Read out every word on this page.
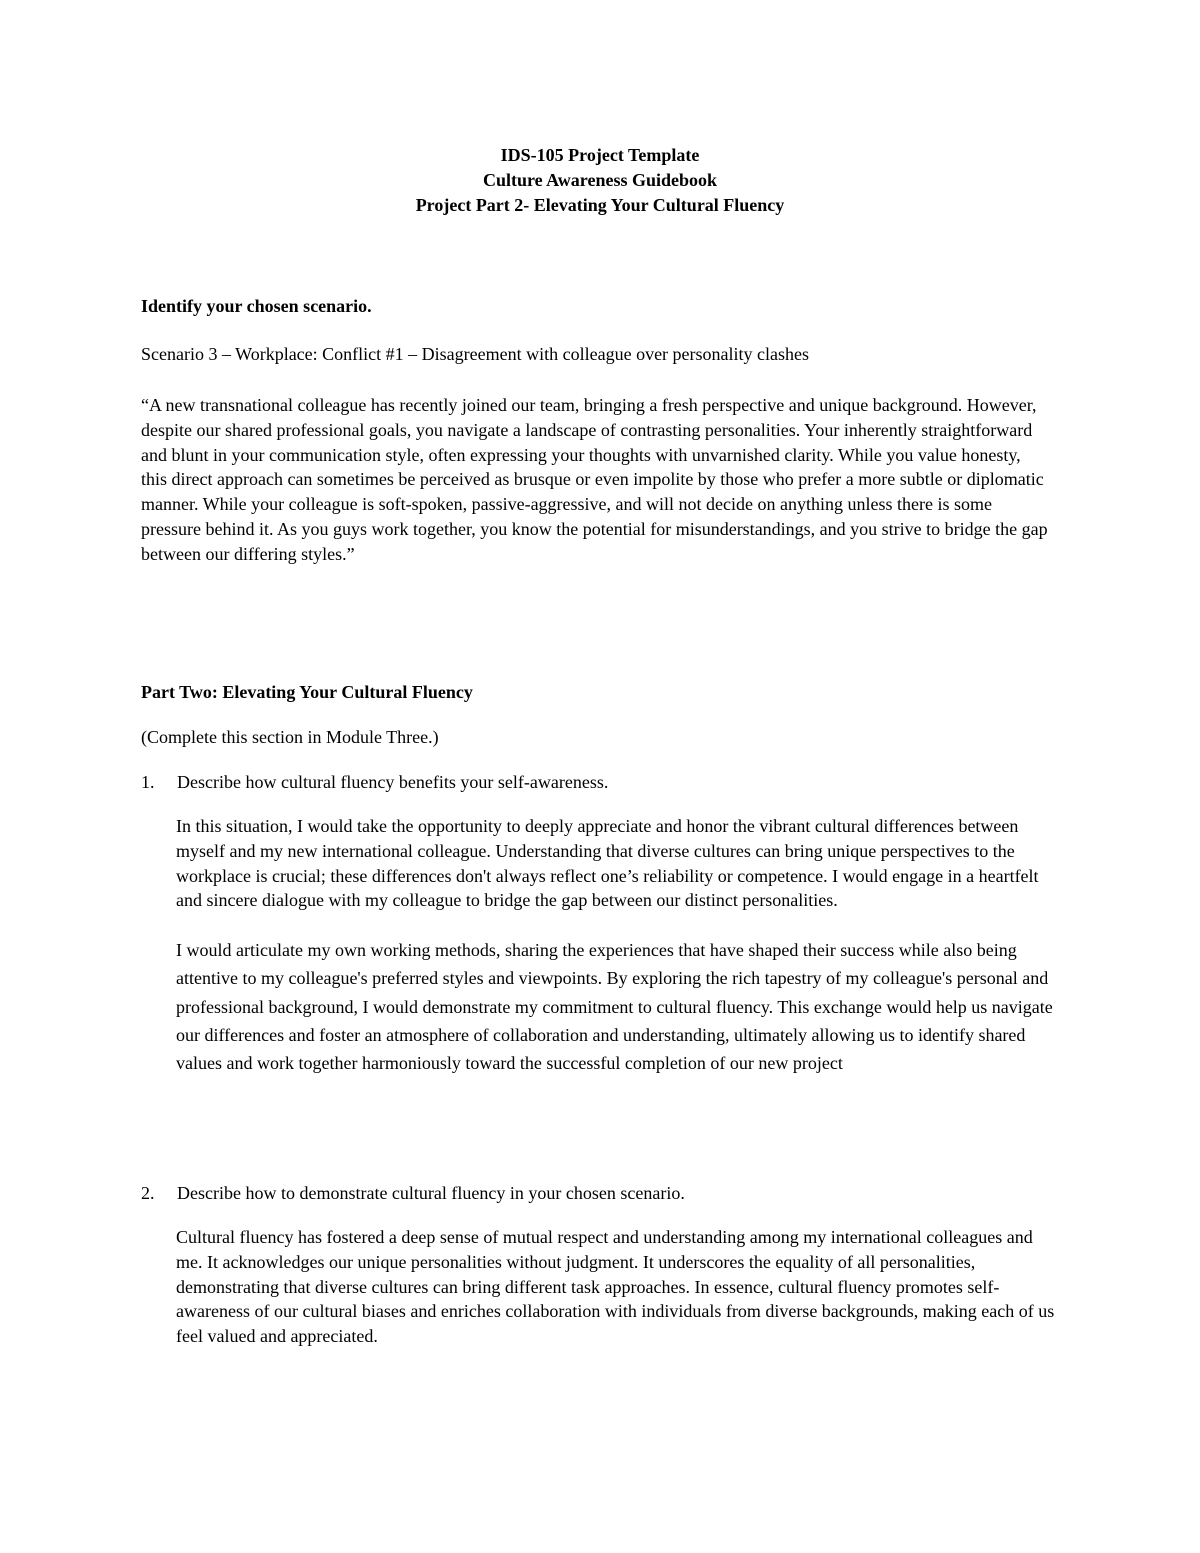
IDS-105 Project Template
Culture Awareness Guidebook
Project Part 2- Elevating Your Cultural Fluency
Identify your chosen scenario.
Scenario 3 – Workplace: Conflict #1 – Disagreement with colleague over personality clashes
“A new transnational colleague has recently joined our team, bringing a fresh perspective and unique background. However, despite our shared professional goals, you navigate a landscape of contrasting personalities. Your inherently straightforward and blunt in your communication style, often expressing your thoughts with unvarnished clarity. While you value honesty, this direct approach can sometimes be perceived as brusque or even impolite by those who prefer a more subtle or diplomatic manner. While your colleague is soft-spoken, passive-aggressive, and will not decide on anything unless there is some pressure behind it. As you guys work together, you know the potential for misunderstandings, and you strive to bridge the gap between our differing styles.”
Part Two: Elevating Your Cultural Fluency
(Complete this section in Module Three.)
1. Describe how cultural fluency benefits your self-awareness.
In this situation, I would take the opportunity to deeply appreciate and honor the vibrant cultural differences between myself and my new international colleague. Understanding that diverse cultures can bring unique perspectives to the workplace is crucial; these differences don't always reflect one’s reliability or competence. I would engage in a heartfelt and sincere dialogue with my colleague to bridge the gap between our distinct personalities.
I would articulate my own working methods, sharing the experiences that have shaped their success while also being attentive to my colleague's preferred styles and viewpoints. By exploring the rich tapestry of my colleague's personal and professional background, I would demonstrate my commitment to cultural fluency. This exchange would help us navigate our differences and foster an atmosphere of collaboration and understanding, ultimately allowing us to identify shared values and work together harmoniously toward the successful completion of our new project
2. Describe how to demonstrate cultural fluency in your chosen scenario.
Cultural fluency has fostered a deep sense of mutual respect and understanding among my international colleagues and me. It acknowledges our unique personalities without judgment. It underscores the equality of all personalities, demonstrating that diverse cultures can bring different task approaches. In essence, cultural fluency promotes self-awareness of our cultural biases and enriches collaboration with individuals from diverse backgrounds, making each of us feel valued and appreciated.
